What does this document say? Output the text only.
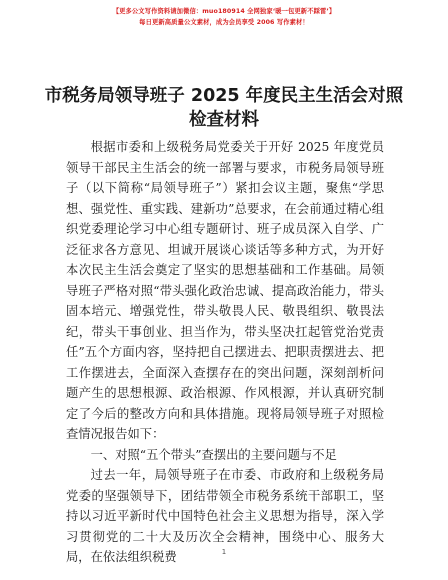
【更多公文写作资料请加微信：muo180914 全网独家‘暖一包更新不踩雷’】
每日更新高质量公文素材，成为会员享受 2006 写作素材！
市税务局领导班子 2025 年度民主生活会对照检查材料

根据市委和上级税务局党委关于开好 2025 年度党员领导干部民主生活会的统一部署与要求，市税务局领导班子（以下简称“局领导班子”）紧扣会议主题，聚焦“学思想、强党性、重实践、建新功”总要求，在会前通过精心组织党委理论学习中心组专题研讨、班子成员深入自学、广泛征求各方意见、坦诚开展谈心谈话等多种方式，为开好本次民主生活会奠定了坚实的思想基础和工作基础。局领导班子严格对照“带头强化政治忠诚、提高政治能力，带头固本培元、增强党性，带头敬畏人民、敬畏组织、敬畏法纪，带头干事创业、担当作为，带头坚决扛起管党治党责任”五个方面内容，坚持把自己摆进去、把职责摆进去、把工作摆进去，全面深入查摆存在的突出问题，深刻剖析问题产生的思想根源、政治根源、作风根源，并认真研究制定了今后的整改方向和具体措施。现将局领导班子对照检查情况报告如下：

一、对照“五个带头”查摆出的主要问题与不足

过去一年，局领导班子在市委、市政府和上级税务局党委的坚强领导下，团结带领全市税务系统干部职工，坚持以习近平新时代中国特色社会主义思想为指导，深入学习贯彻党的二十大及历次全会精神，围绕中心、服务大局，在依法组织税费	1
